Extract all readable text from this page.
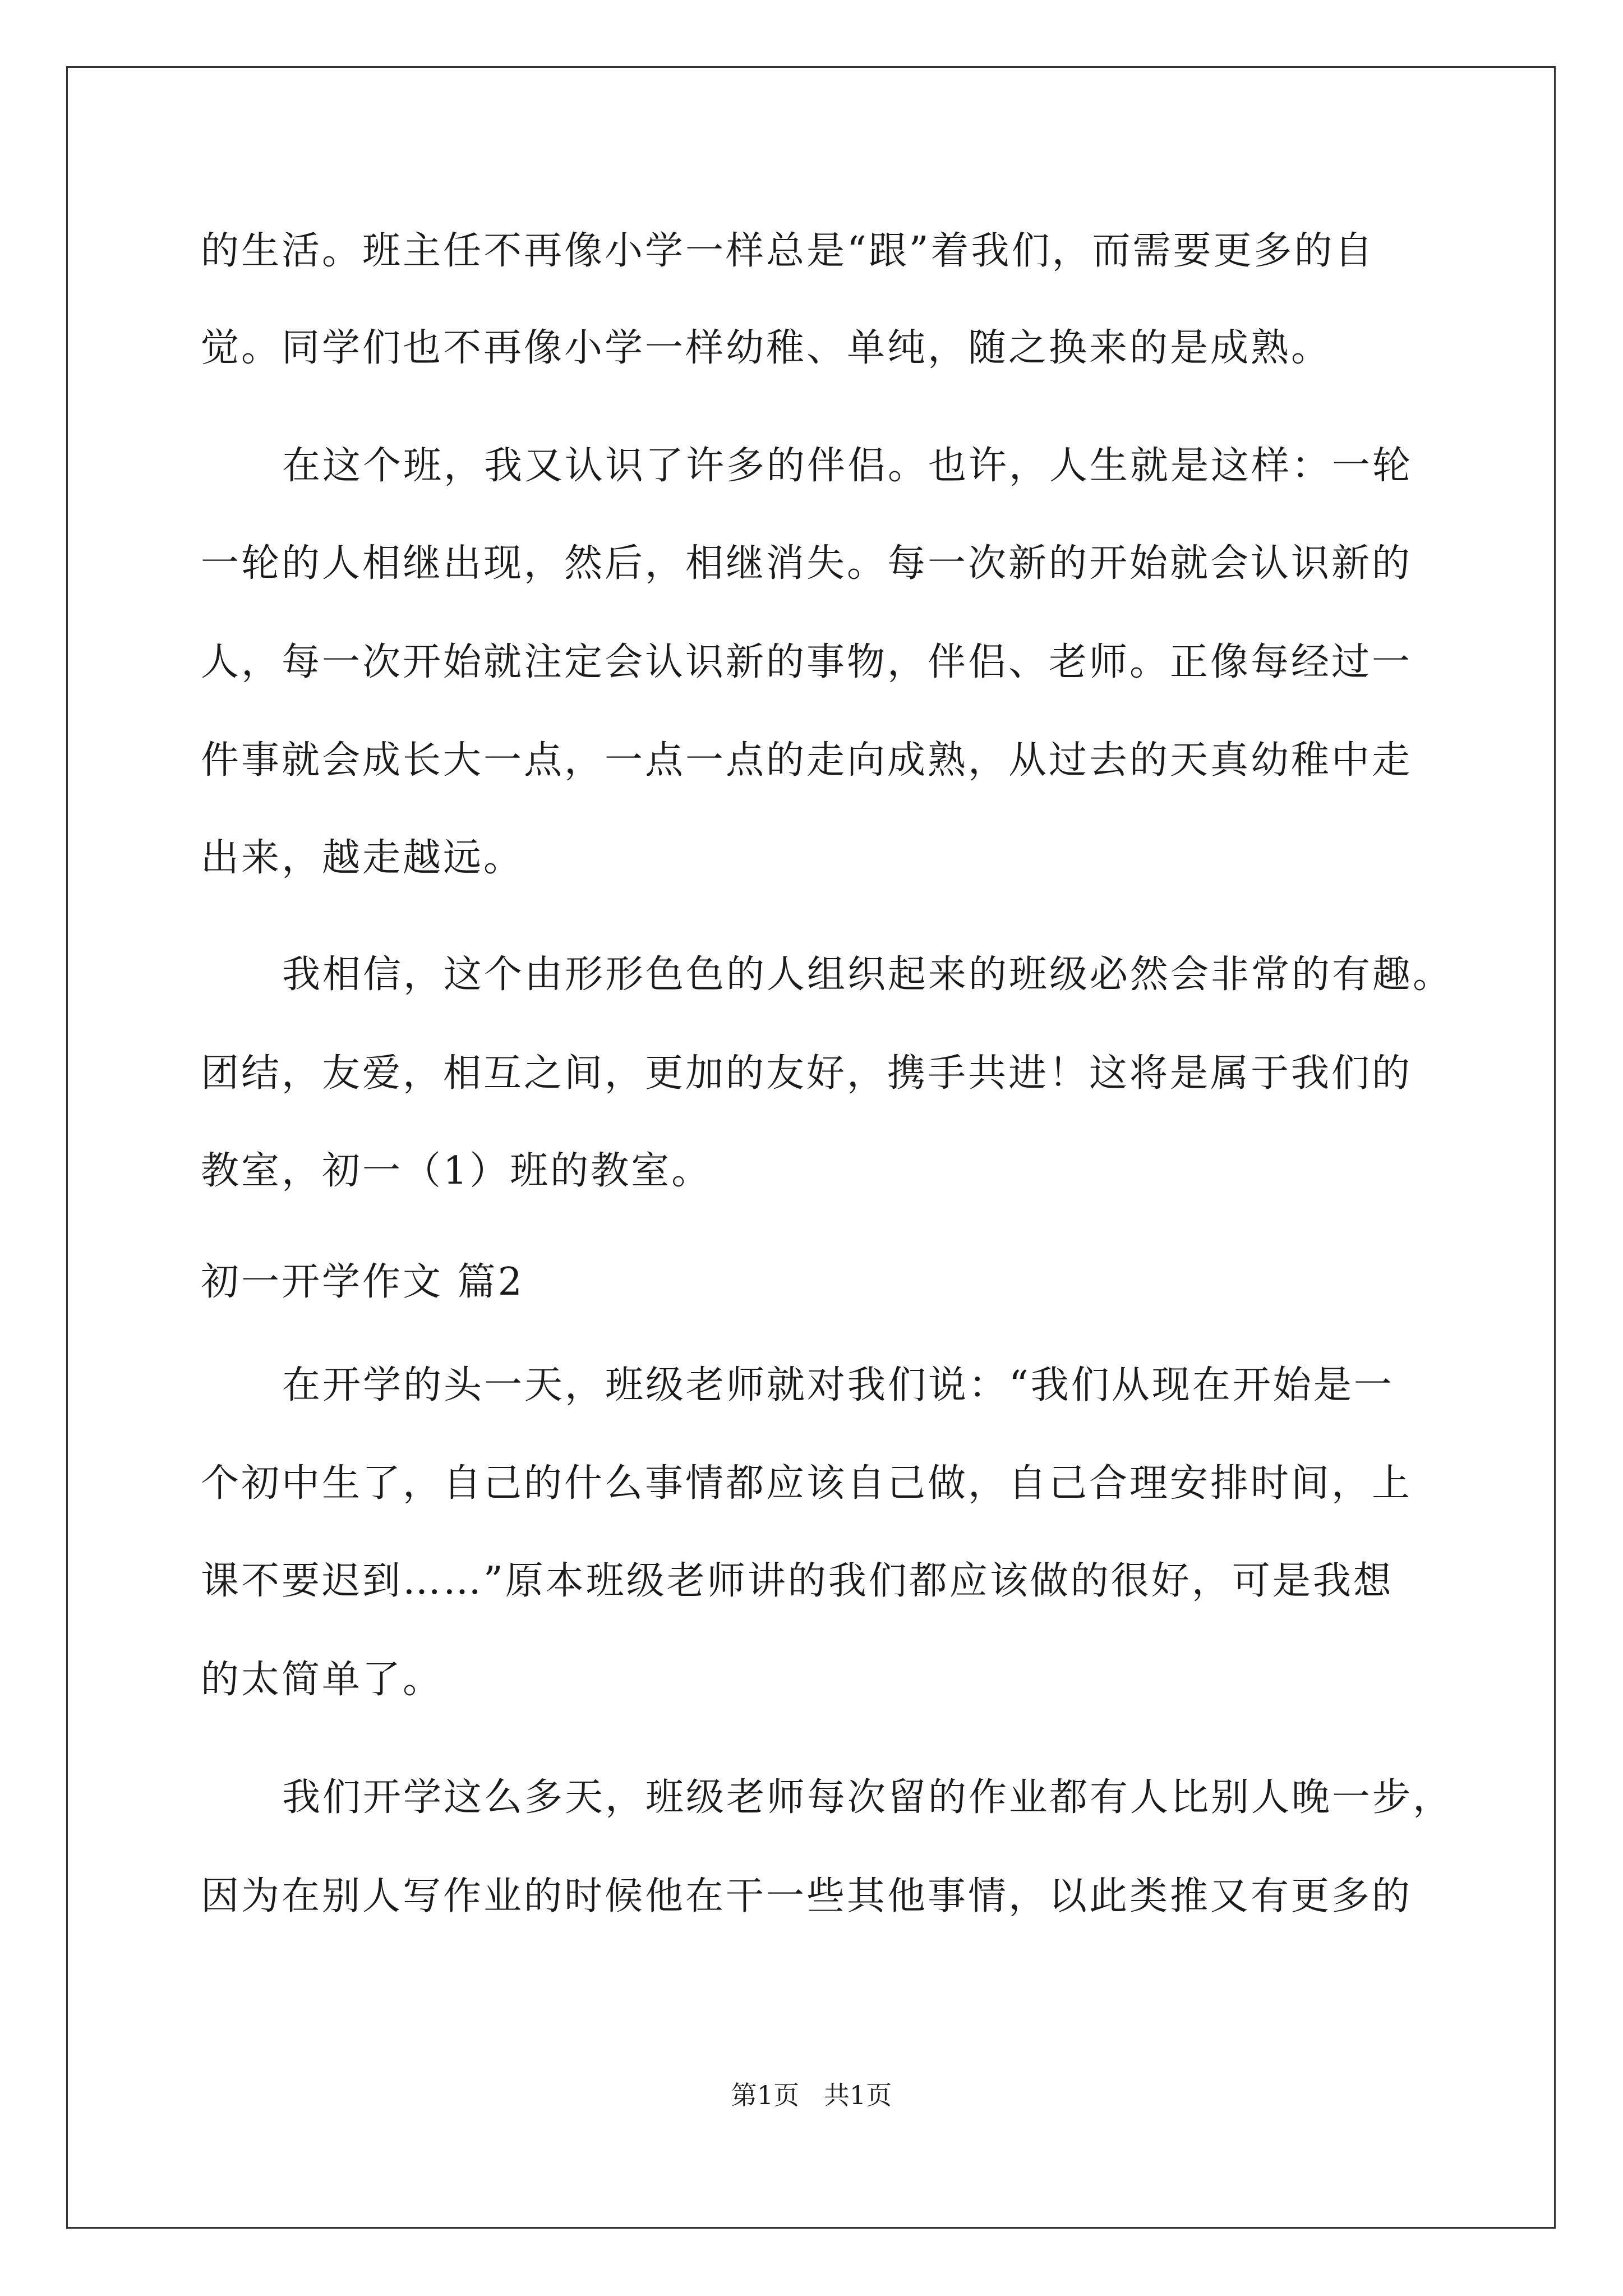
的生活。班主任不再像小学一样总是“跟”着我们，而需要更多的自
觉。同学们也不再像小学一样幼稚、单纯，随之换来的是成熟。
在这个班，我又认识了许多的伴侣。也许，人生就是这样：一轮
一轮的人相继出现，然后，相继消失。每一次新的开始就会认识新的
人，每一次开始就注定会认识新的事物，伴侣、老师。正像每经过一
件事就会成长大一点，一点一点的走向成熟，从过去的天真幼稚中走
出来，越走越远。
我相信，这个由形形色色的人组织起来的班级必然会非常的有趣。
团结，友爱，相互之间，更加的友好，携手共进！这将是属于我们的
教室，初一（1）班的教室。
初一开学作文 篇2
在开学的头一天，班级老师就对我们说：“我们从现在开始是一
个初中生了，自己的什么事情都应该自己做，自己合理安排时间，上
课不要迟到……”原本班级老师讲的我们都应该做的很好，可是我想
的太简单了。
我们开学这么多天，班级老师每次留的作业都有人比别人晚一步，
因为在别人写作业的时候他在干一些其他事情，以此类推又有更多的
第1页   共1页
